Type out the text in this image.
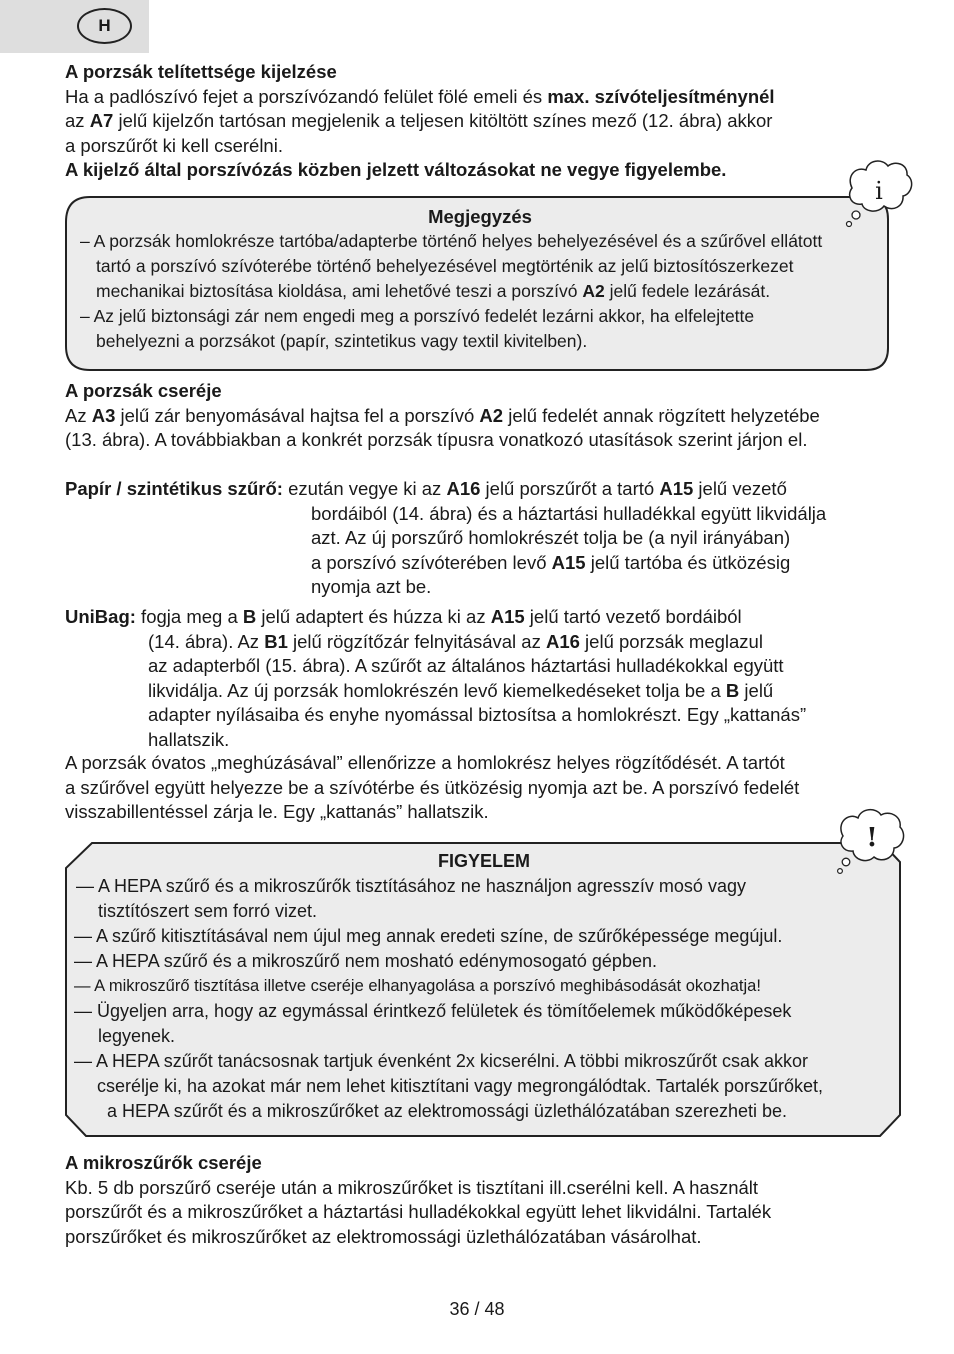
H
A porzsák telítettsége kijelzése
Ha a padlószívó fejet a porszívózandó felület fölé emeli és max. szívóteljesítménynél
az A7 jelű kijelzőn tartósan megjelenik a teljesen kitöltött színes mező (12. ábra) akkor
a porszűrőt ki kell cserélni.
A kijelző által porszívózás közben jelzett változásokat ne vegye figyelembe.
i
Megjegyzés
– A porzsák homlokrésze tartóba/adapterbe történő helyes behelyezésével és a szűrővel ellátott
tartó a porszívó szívóterébe történő behelyezésével megtörténik az jelű biztosítószerkezet
mechanikai biztosítása kioldása, ami lehetővé teszi a porszívó A2 jelű fedele lezárását.
– Az jelű biztonsági zár nem engedi meg a porszívó fedelét lezárni akkor, ha elfelejtette
behelyezni a porzsákot (papír, szintetikus vagy textil kivitelben).
A porzsák cseréje
Az A3 jelű zár benyomásával hajtsa fel a porszívó A2 jelű fedelét annak rögzített helyzetébe
(13. ábra). A továbbiakban a konkrét porzsák típusra vonatkozó utasítások szerint járjon el.
Papír / szintétikus szűrő: ezután vegye ki az A16 jelű porszűrőt a tartó A15 jelű vezető
bordáiból (14. ábra) és a háztartási hulladékkal együtt likvidálja
azt. Az új porszűrő homlokrészét tolja be (a nyil irányában)
a porszívó szívóterében levő A15 jelű tartóba és ütközésig
nyomja azt be.
UniBag: fogja meg a B jelű adaptert és húzza ki az A15 jelű tartó vezető bordáiból
(14. ábra). Az B1 jelű rögzítőzár felnyitásával az A16 jelű porzsák meglazul
az adapterből (15. ábra). A szűrőt az általános háztartási hulladékokkal együtt
likvidálja. Az új porzsák homlokrészén levő kiemelkedéseket tolja be a B jelű
adapter nyílásaiba és enyhe nyomással biztosítsa a homlokrészt. Egy „kattanás”
hallatszik.
A porzsák óvatos „meghúzásával” ellenőrizze a homlokrész helyes rögzítődését. A tartót
a szűrővel együtt helyezze be a szívótérbe és ütközésig nyomja azt be. A porszívó fedelét
visszabillentéssel zárja le. Egy „kattanás” hallatszik.
!
FIGYELEM
— A HEPA szűrő és a mikroszűrők tisztításához ne használjon agresszív mosó vagy
tisztítószert sem forró vizet.
— A szűrő kitisztításával nem újul meg annak eredeti színe, de szűrőképessége megújul.
— A HEPA szűrő és a mikroszűrő nem mosható edénymosogató gépben.
— A mikroszűrő tisztítása illetve cseréje elhanyagolása a porszívó meghibásodását okozhatja!
— Ügyeljen arra, hogy az egymással érintkező felületek és tömítőelemek működőképesek
legyenek.
— A HEPA szűrőt tanácsosnak tartjuk évenként 2x kicserélni. A többi mikroszűrőt csak akkor
cserélje ki, ha azokat már nem lehet kitisztítani vagy megrongálódtak. Tartalék porszűrőket,
a HEPA szűrőt és a mikroszűrőket az elektromossági üzlethálózatában szerezheti be.
A mikroszűrők cseréje
Kb. 5 db porszűrő cseréje után a mikroszűrőket is tisztítani ill.cserélni kell. A használt
porszűrőt és a mikroszűrőket a háztartási hulladékokkal együtt lehet likvidálni. Tartalék
porszűrőket és mikroszűrőket az elektromossági üzlethálózatában vásárolhat.
36 / 48
